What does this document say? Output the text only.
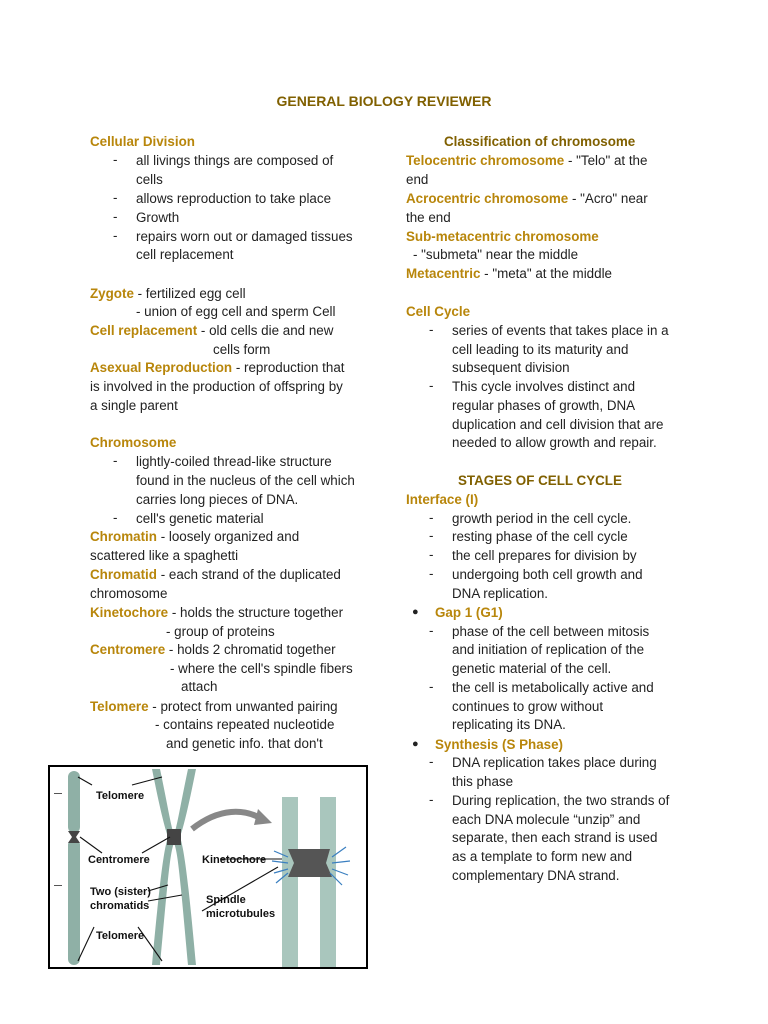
GENERAL BIOLOGY REVIEWER
Cellular Division
- all livings things are composed of
cells
- allows reproduction to take place
- Growth
- repairs worn out or damaged tissues
cell replacement
Zygote - fertilized egg cell
- union of egg cell and sperm Cell
Cell replacement - old cells die and new
cells form
Asexual Reproduction - reproduction that
is involved in the production of offspring by
a single parent
Chromosome
- lightly-coiled thread-like structure
found in the nucleus of the cell which
carries long pieces of DNA.
- cell's genetic material
Chromatin - loosely organized and
scattered like a spaghetti
Chromatid - each strand of the duplicated
chromosome
Kinetochore - holds the structure together
- group of proteins
Centromere - holds 2 chromatid together
- where the cell's spindle fibers
attach
Telomere - protect from unwanted pairing
- contains repeated nucleotide
and genetic info. that don't
Telomere
Centromere	Kinetochore
Two (sister)
chromatids	Spindle
microtubules
Telomere
Classification of chromosome
Telocentric chromosome - "Telo" at the
end
Acrocentric chromosome - "Acro" near
the end
Sub-metacentric chromosome
- "submeta" near the middle
Metacentric - "meta" at the middle
Cell Cycle
- series of events that takes place in a
cell leading to its maturity and
subsequent division
- This cycle involves distinct and
regular phases of growth, DNA
duplication and cell division that are
needed to allow growth and repair.
STAGES OF CELL CYCLE
Interface (I)
- growth period in the cell cycle.
- resting phase of the cell cycle
- the cell prepares for division by
- undergoing both cell growth and
DNA replication.
● Gap 1 (G1)
- phase of the cell between mitosis
and initiation of replication of the
genetic material of the cell.
- the cell is metabolically active and
continues to grow without
replicating its DNA.
● Synthesis (S Phase)
- DNA replication takes place during
this phase
- During replication, the two strands of
each DNA molecule “unzip” and
separate, then each strand is used
as a template to form new and
complementary DNA strand.
